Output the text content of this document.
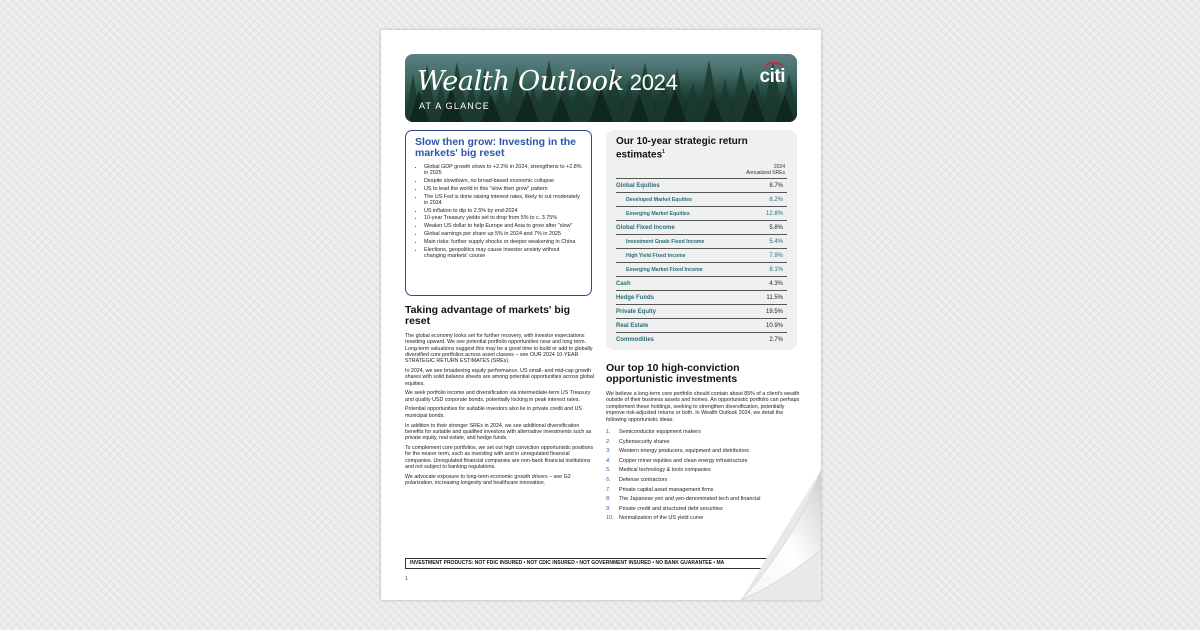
Wealth Outlook 2024
AT A GLANCE
citi
Slow then grow: Investing in the markets' big reset
• Global GDP growth slows to +2.2% in 2024, strengthens to +2.8% in 2025
• Despite slowdown, no broad-based economic collapse
• US to lead the world in this "slow then grow" pattern
• The US Fed is done raising interest rates, likely to cut moderately in 2024
• US inflation to dip to 2.5% by end-2024
• 10-year Treasury yields set to drop from 5% to c. 3.75%
• Weaker US dollar to help Europe and Asia to grow after "slow"
• Global earnings per share up 5% in 2024 and 7% in 2025
• Main risks: further supply shocks or deeper weakening in China
• Elections, geopolitics may cause investor anxiety without changing markets' course
Taking advantage of markets' big reset

The global economy looks set for further recovery, with investor expectations resetting upward. We see potential portfolio opportunities near and long term. Long-term valuations suggest this may be a good time to build or add to globally diversified core portfolios across asset classes – see OUR 2024 10-YEAR STRATEGIC RETURN ESTIMATES (SREs).

In 2024, we see broadening equity performance. US small- and mid-cap growth shares with solid balance sheets are among potential opportunities across global equities.

We seek portfolio income and diversification via intermediate-term US Treasury and quality USD corporate bonds, potentially locking in peak interest rates.

Potential opportunities for suitable investors also lie in private credit and US municipal bonds.

In addition to their stronger SREs in 2024, we see additional diversification benefits for suitable and qualified investors with alternative investments such as private equity, real estate, and hedge funds.

To complement core portfolios, we set out high conviction opportunistic positions for the nearer term, such as investing with and in unregulated financial companies. Unregulated financial companies are non-bank financial institutions and not subject to banking regulations.

We advocate exposure to long-term economic growth drivers – see G2 polarization, increasing longevity and healthcare innovation.

Our 10-year strategic return estimates$^1$
2024
Annualized SREs
Global Equities	8.7%
Developed Market Equities	8.2%
Emerging Market Equities	12.8%
Global Fixed Income	5.8%
Investment Grade Fixed Income	5.4%
High Yield Fixed Income	7.9%
Emerging Market Fixed Income	8.1%
Cash	4.3%
Hedge Funds	11.5%
Private Equity	19.5%
Real Estate	10.9%
Commodities	2.7%
Our top 10 high-conviction opportunistic investments

We believe a long-term core portfolio should contain about 85% of a client's wealth outside of their business assets and homes. An opportunistic portfolio can perhaps complement these holdings, seeking to strengthen diversification, potentially improve risk-adjusted returns or both. In Wealth Outlook 2024, we detail the following opportunistic ideas:

1. Semiconductor equipment makers
2. Cybersecurity shares
3. Western energy producers, equipment and distributors
4. Copper miner equities and clean energy infrastructure
5. Medical technology & tools companies
6. Defense contractors
7. Private capital asset management firms
8. The Japanese yen and yen-denominated tech and financial
9. Private credit and structured debt securities
10. Normalization of the US yield curve
INVESTMENT PRODUCTS: NOT FDIC INSURED • NOT CDIC INSURED • NOT GOVERNMENT INSURED • NO BANK GUARANTEE • MA
1
